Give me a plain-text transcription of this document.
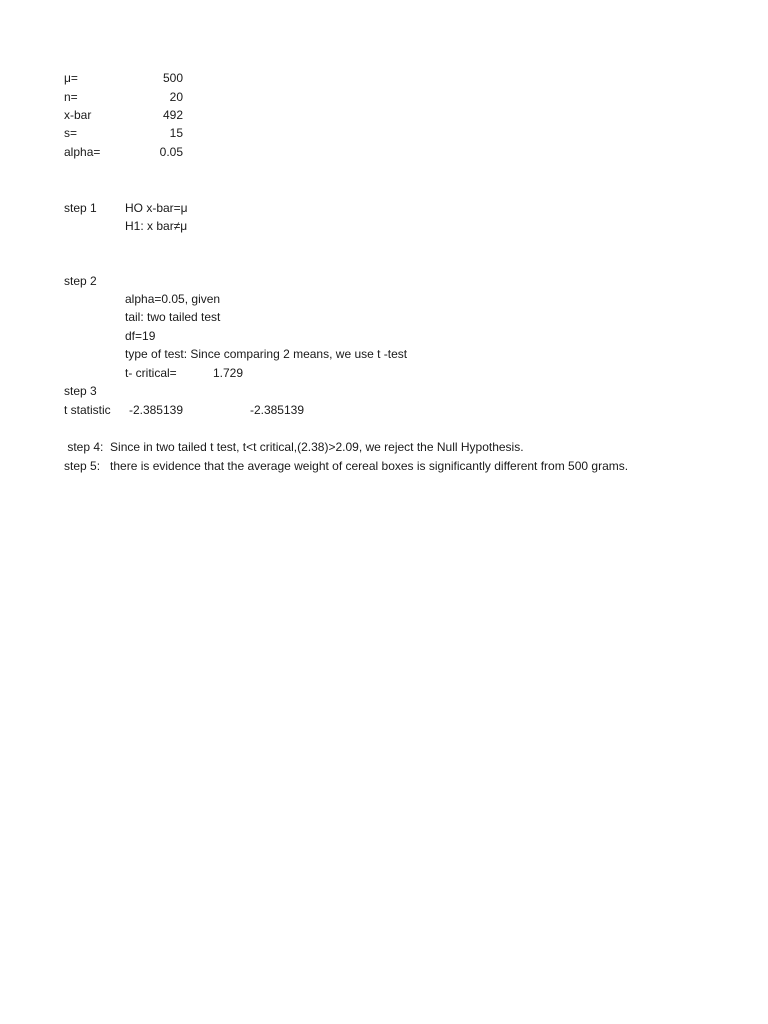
μ=	500
n=	20
x-bar	492
s=	15
alpha=	0.05
step 1 HO x-bar=μ
H1: x bar≠μ
step 2
alpha=0.05, given
tail: two tailed test
df=19
type of test: Since comparing 2 means, we use t -test
t- critical=	1.729
step 3
t statistic	-2.385139	-2.385139
step 4:  Since in two tailed t test, t<t critical,(2.38)>2.09, we reject the Null Hypothesis.
step 5:   there is evidence that the average weight of cereal boxes is significantly different from 500 grams.
